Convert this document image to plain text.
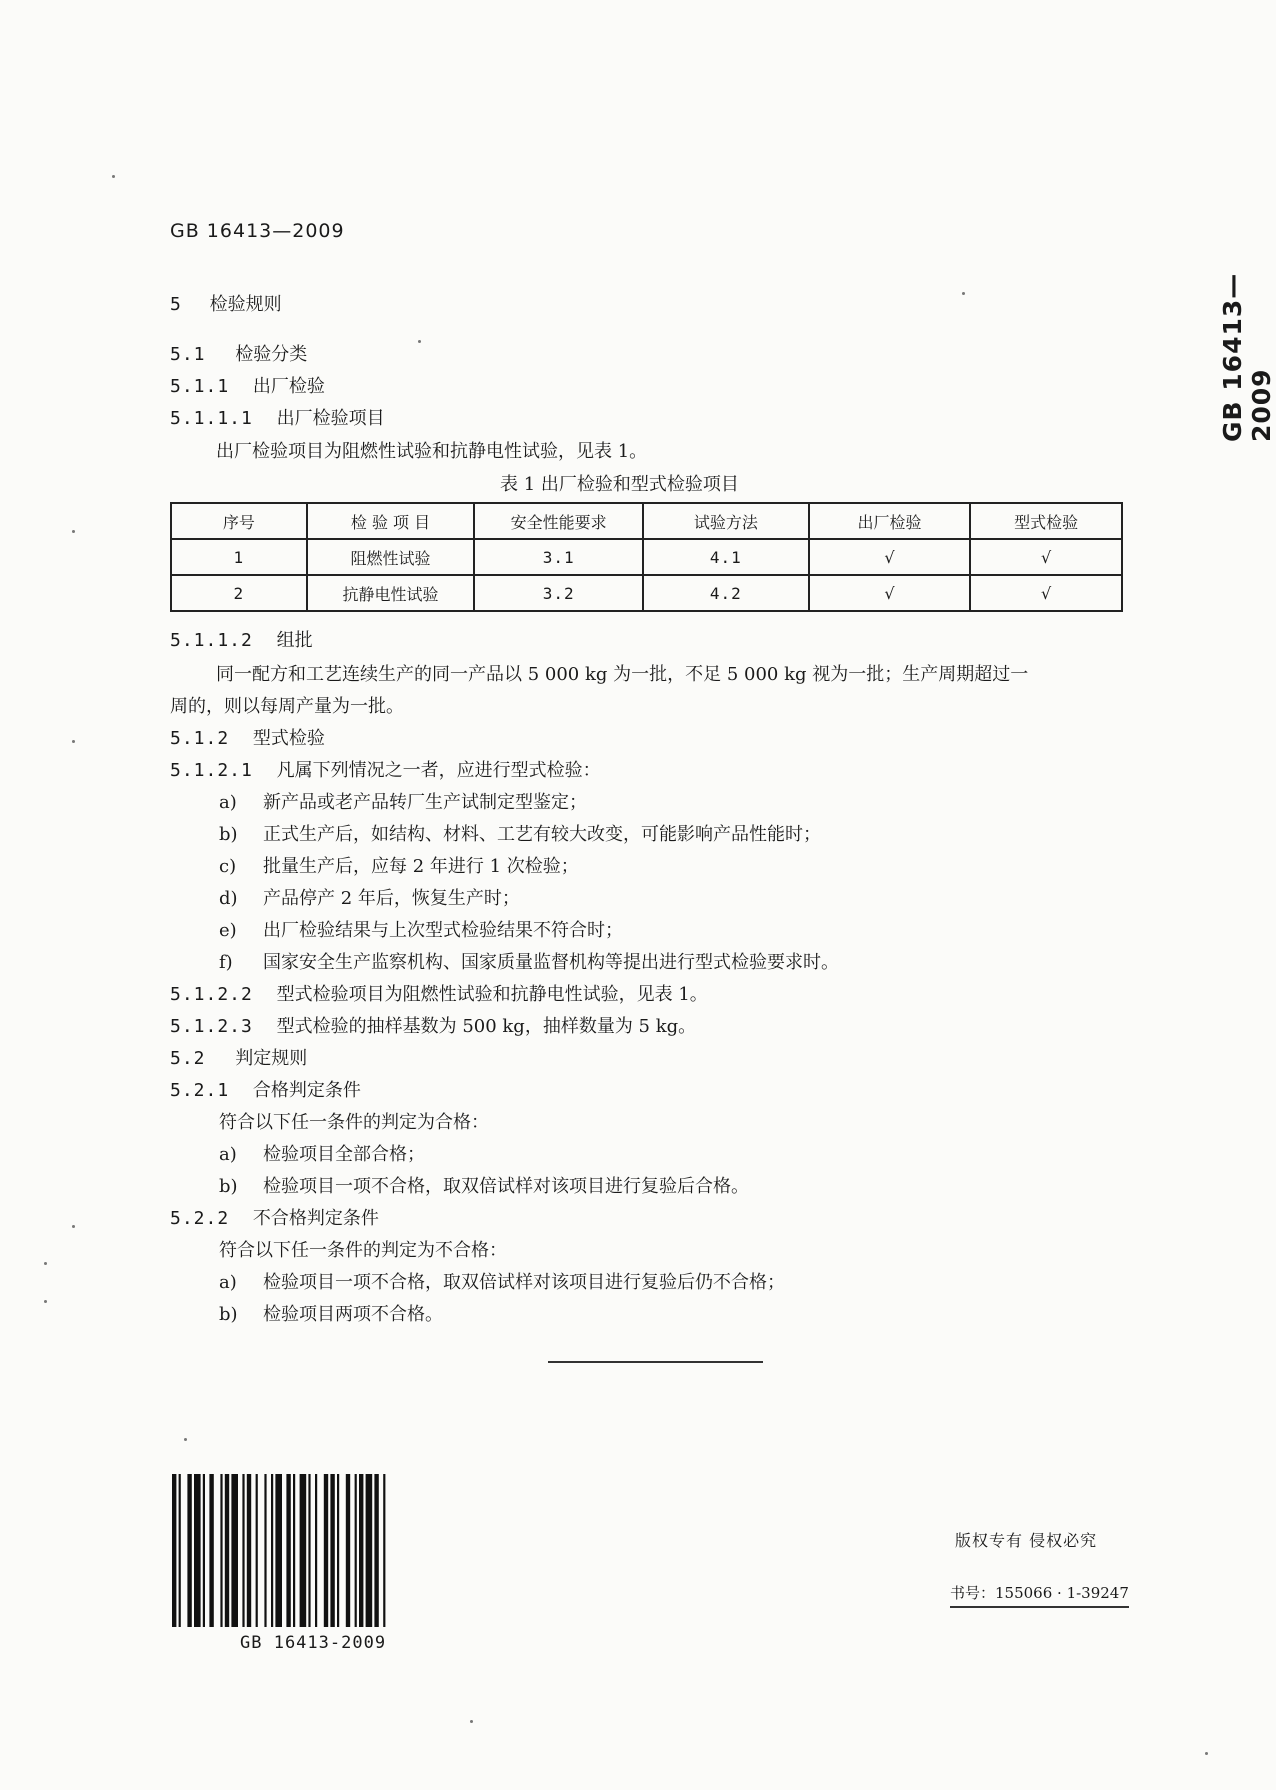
GB 16413—2009
GB 16413—2009
5 检验规则
5.1 检验分类
5.1.1 出厂检验
5.1.1.1 出厂检验项目
出厂检验项目为阻燃性试验和抗静电性试验，见表 1。
表 1 出厂检验和型式检验项目
序号	检 验 项 目	安全性能要求	试验方法	出厂检验	型式检验
1	阻燃性试验	3.1	4.1	√	√
2	抗静电性试验	3.2	4.2	√	√
5.1.1.2 组批
同一配方和工艺连续生产的同一产品以 5 000 kg 为一批，不足 5 000 kg 视为一批；生产周期超过一
周的，则以每周产量为一批。
5.1.2 型式检验
5.1.2.1 凡属下列情况之一者，应进行型式检验：
a) 新产品或老产品转厂生产试制定型鉴定；
b) 正式生产后，如结构、材料、工艺有较大改变，可能影响产品性能时；
c) 批量生产后，应每 2 年进行 1 次检验；
d) 产品停产 2 年后，恢复生产时；
e) 出厂检验结果与上次型式检验结果不符合时；
f) 国家安全生产监察机构、国家质量监督机构等提出进行型式检验要求时。
5.1.2.2 型式检验项目为阻燃性试验和抗静电性试验，见表 1。
5.1.2.3 型式检验的抽样基数为 500 kg，抽样数量为 5 kg。
5.2 判定规则
5.2.1 合格判定条件
符合以下任一条件的判定为合格：
a) 检验项目全部合格；
b) 检验项目一项不合格，取双倍试样对该项目进行复验后合格。
5.2.2 不合格判定条件
符合以下任一条件的判定为不合格：
a) 检验项目一项不合格，取双倍试样对该项目进行复验后仍不合格；
b) 检验项目两项不合格。
GB 16413-2009
版权专有 侵权必究
书号：155066 · 1-39247
